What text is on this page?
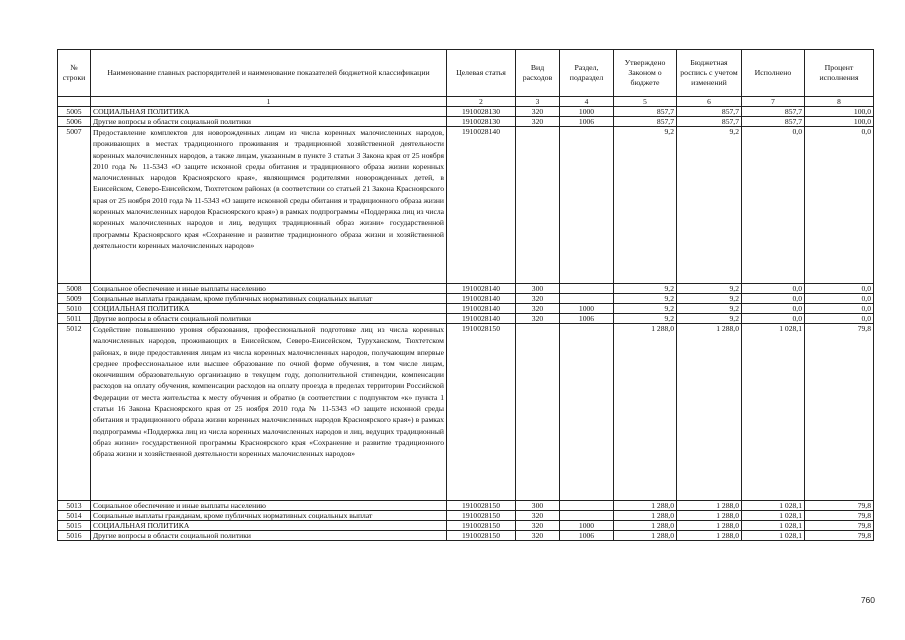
№ строки	Наименование главных распорядителей и наименование показателей бюджетной классификации	Целевая статья	Вид расходов	Раздел, подраздел	Утверждено Законом о бюджете	Бюджетная роспись с учетом изменений	Исполнено	Процент исполнения
	1	2	3	4	5	6	7	8
5005	СОЦИАЛЬНАЯ ПОЛИТИКА	1910028130	320	1000	857,7	857,7	857,7	100,0
5006	Другие вопросы в области социальной политики	1910028130	320	1006	857,7	857,7	857,7	100,0
5007	Предоставление комплектов для новорожденных лицам из числа коренных малочисленных народов, проживающих в местах традиционного проживания и традиционной хозяйственной деятельности коренных малочисленных народов, а также лицам, указанным в пункте 3 статьи 3 Закона края от 25 ноября 2010 года № 11-5343 «О защите исконной среды обитания и традиционного образа жизни коренных малочисленных народов Красноярского края», являющимся родителями новорожденных детей, в Енисейском, Северо-Енисейском, Тюхтетском районах (в соответствии со статьей 21 Закона Красноярского края от 25 ноября 2010 года № 11-5343 «О защите исконной среды обитания и традиционного образа жизни коренных малочисленных народов Красноярского края») в рамках подпрограммы «Поддержка лиц из числа коренных малочисленных народов и лиц, ведущих традиционный образ жизни» государственной программы Красноярского края «Сохранение и развитие традиционного образа жизни и хозяйственной деятельности коренных малочисленных народов»	1910028140			9,2	9,2	0,0	0,0
5008	Социальное обеспечение и иные выплаты населению	1910028140	300		9,2	9,2	0,0	0,0
5009	Социальные выплаты гражданам, кроме публичных нормативных социальных выплат	1910028140	320		9,2	9,2	0,0	0,0
5010	СОЦИАЛЬНАЯ ПОЛИТИКА	1910028140	320	1000	9,2	9,2	0,0	0,0
5011	Другие вопросы в области социальной политики	1910028140	320	1006	9,2	9,2	0,0	0,0
5012	Содействие повышению уровня образования, профессиональной подготовке лиц из числа коренных малочисленных народов, проживающих в Енисейском, Северо-Енисейском, Туруханском, Тюхтетском районах, в виде предоставления лицам из числа коренных малочисленных народов, получающим впервые среднее профессиональное или высшее образование по очной форме обучения, в том числе лицам, окончившим образовательную организацию в текущем году, дополнительной стипендии, компенсации расходов на оплату обучения, компенсации расходов на оплату проезда в пределах территории Российской Федерации от места жительства к месту обучения и обратно (в соответствии с подпунктом «к» пункта 1 статьи 16 Закона Красноярского края от 25 ноября 2010 года № 11-5343 «О защите исконной среды обитания и традиционного образа жизни коренных малочисленных народов Красноярского края») в рамках подпрограммы «Поддержка лиц из числа коренных малочисленных народов и лиц, ведущих традиционный образ жизни» государственной программы Красноярского края «Сохранение и развитие традиционного образа жизни и хозяйственной деятельности коренных малочисленных народов»	1910028150			1 288,0	1 288,0	1 028,1	79,8
5013	Социальное обеспечение и иные выплаты населению	1910028150	300		1 288,0	1 288,0	1 028,1	79,8
5014	Социальные выплаты гражданам, кроме публичных нормативных социальных выплат	1910028150	320		1 288,0	1 288,0	1 028,1	79,8
5015	СОЦИАЛЬНАЯ ПОЛИТИКА	1910028150	320	1000	1 288,0	1 288,0	1 028,1	79,8
5016	Другие вопросы в области социальной политики	1910028150	320	1006	1 288,0	1 288,0	1 028,1	79,8
760
